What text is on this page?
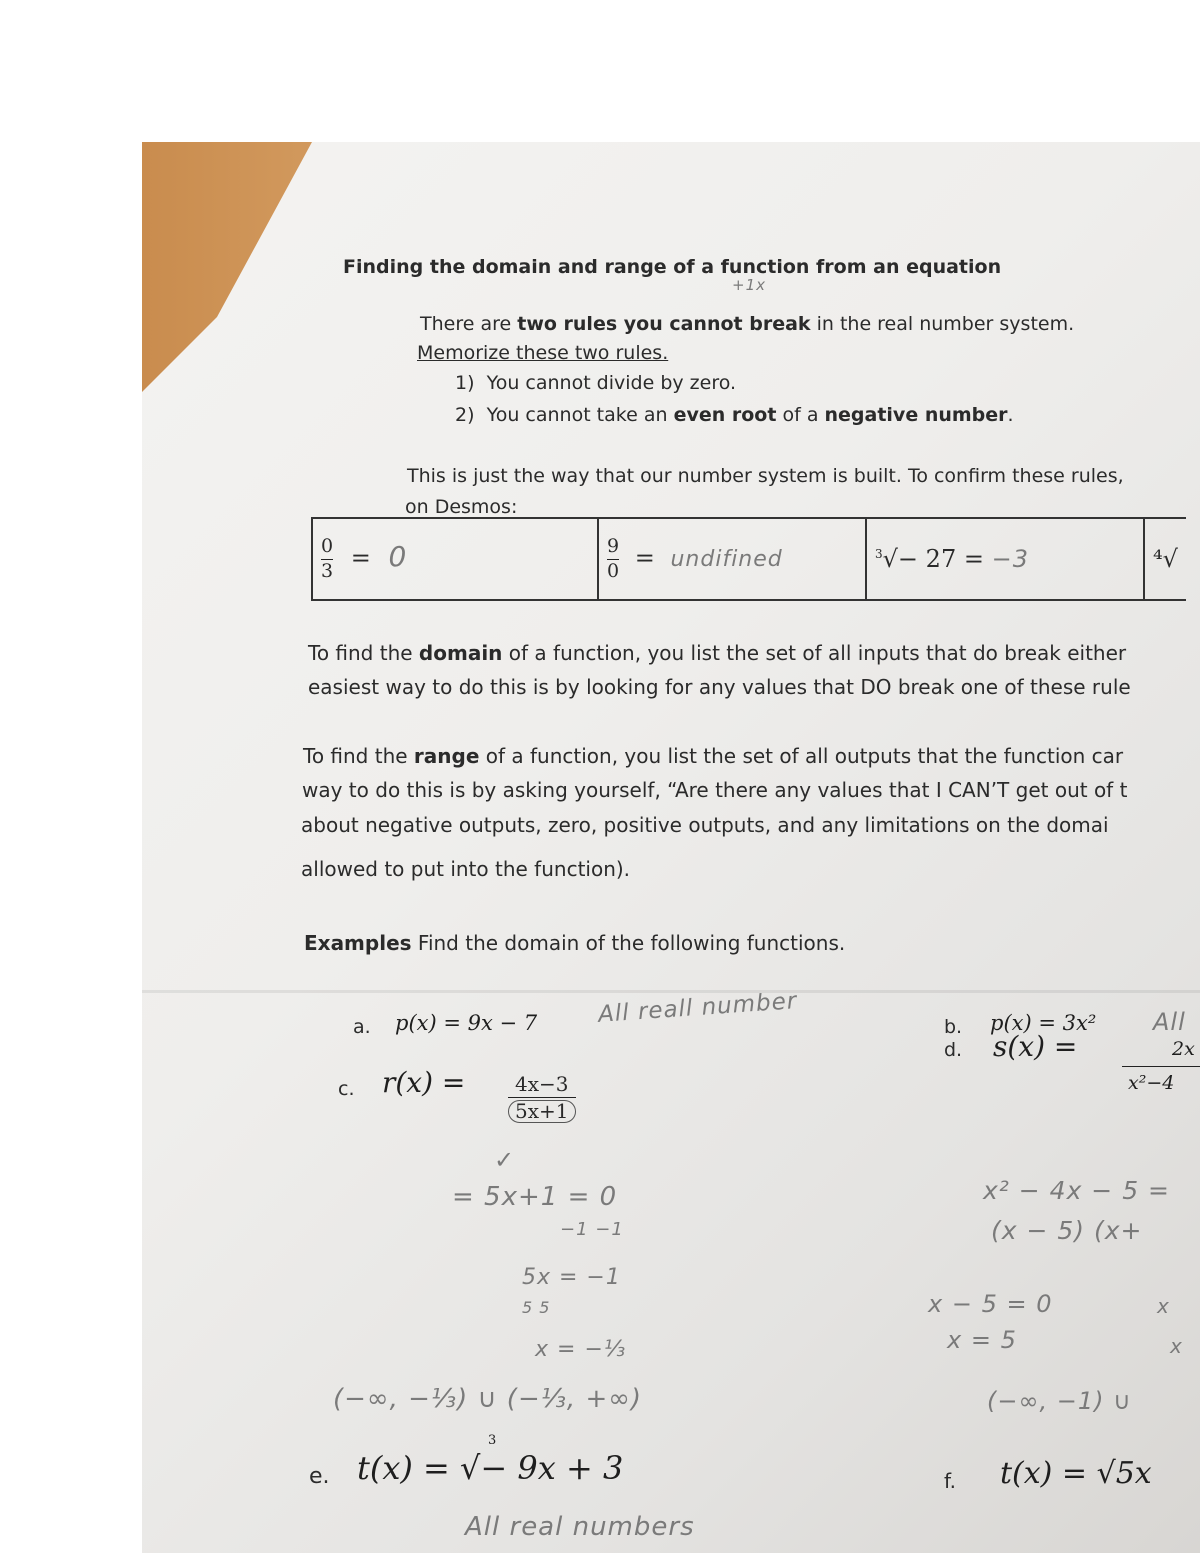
Finding the domain and range of a function from an equation
+1x
There are two rules you cannot break in the real number system.
Memorize these two rules.
1) You cannot divide by zero.
2) You cannot take an even root of a negative number.
This is just the way that our number system is built. To confirm these rules,
on Desmos:
$\frac{0}{3} = 0$	$\frac{9}{0}$ = undifined	$^3$√− 27 = −3	⁴√
To find the domain of a function, you list the set of all inputs that do break either
easiest way to do this is by looking for any values that DO break one of these rule
To find the range of a function, you list the set of all outputs that the function car
way to do this is by asking yourself, “Are there any values that I CAN’T get out of t
about negative outputs, zero, positive outputs, and any limitations on the domai
allowed to put into the function).
Examples Find the domain of the following functions.
a. p(x) = 9x − 7	All reall number	b. p(x) = 3x² All
c. $r(x) = \frac{4x-3}{5x+1}$
✓
= 5x+1 = 0
−1 −1
5x = −1
5 5
x = −⅓
(−∞, −⅓) ∪ (−⅓, +∞)
d. s(x) =	2x
x²−4
x² − 4x − 5 =
(x − 5) (x+
x − 5 = 0
x = 5
(−∞, −1) ∪
x
x
e.
3
t(x) = √− 9x + 3
All real numbers
f. t(x) = √5x
